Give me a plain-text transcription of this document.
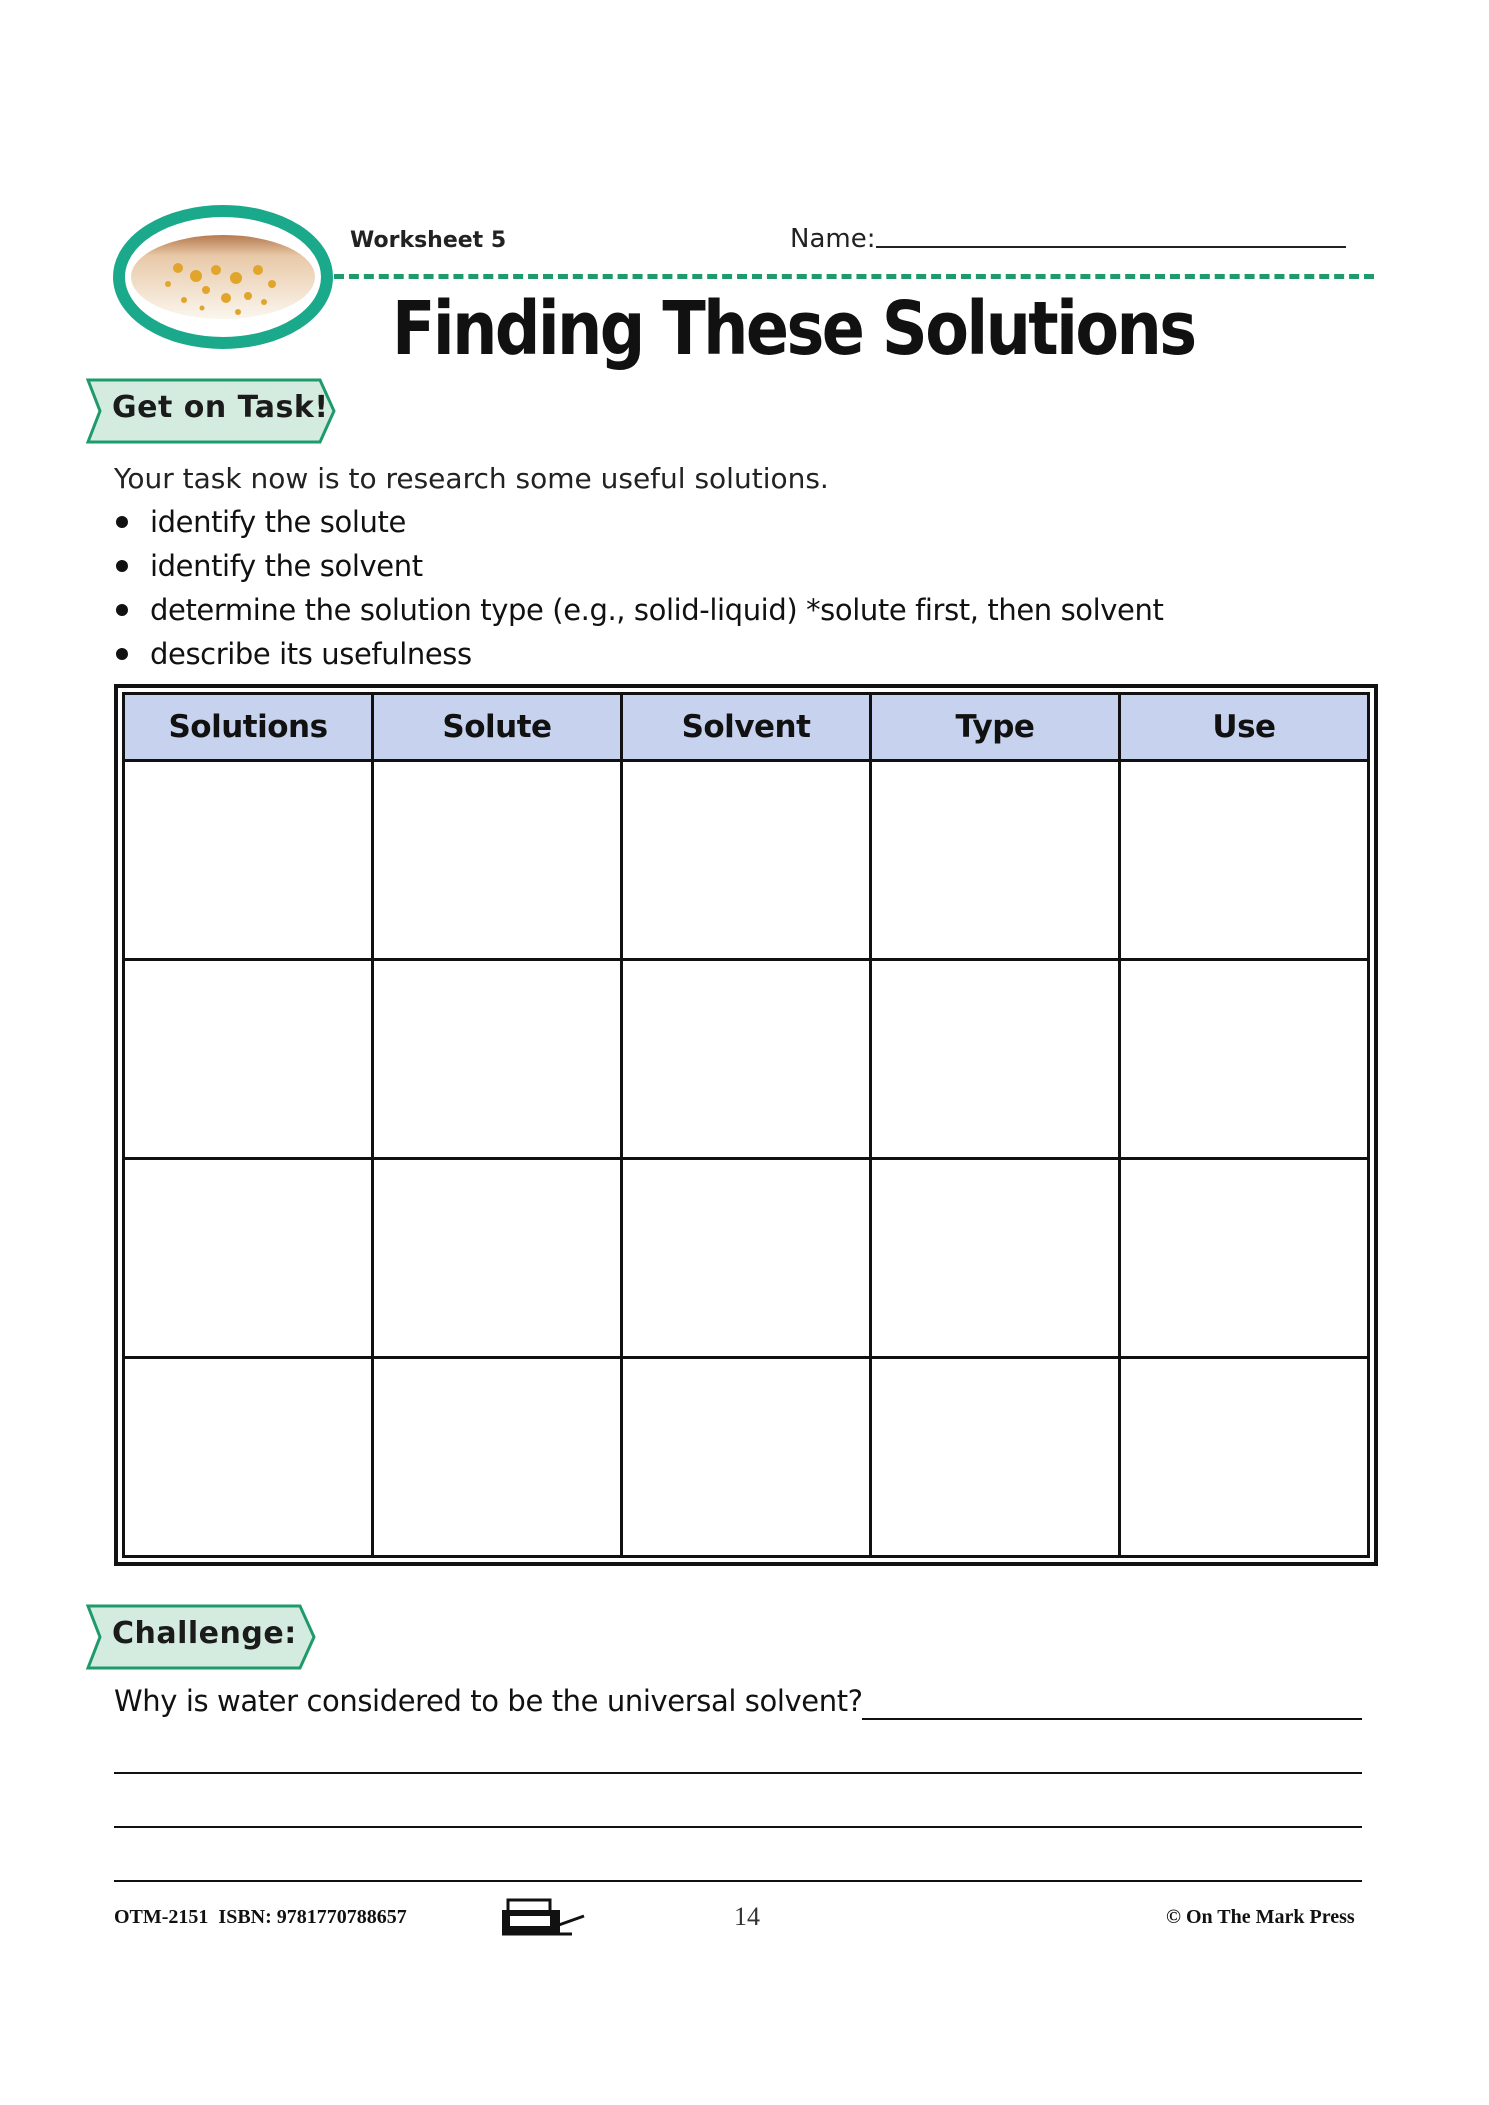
Worksheet 5	Name:
Finding These Solutions
Get on Task!
Your task now is to research some useful solutions.
identify the solute
identify the solvent
determine the solution type (e.g., solid-liquid) *solute first, then solvent
describe its usefulness
Solutions	Solute	Solvent	Type	Use

Challenge:
Why is water considered to be the universal solvent?
OTM-2151  ISBN: 9781770788657	14	© On The Mark Press
